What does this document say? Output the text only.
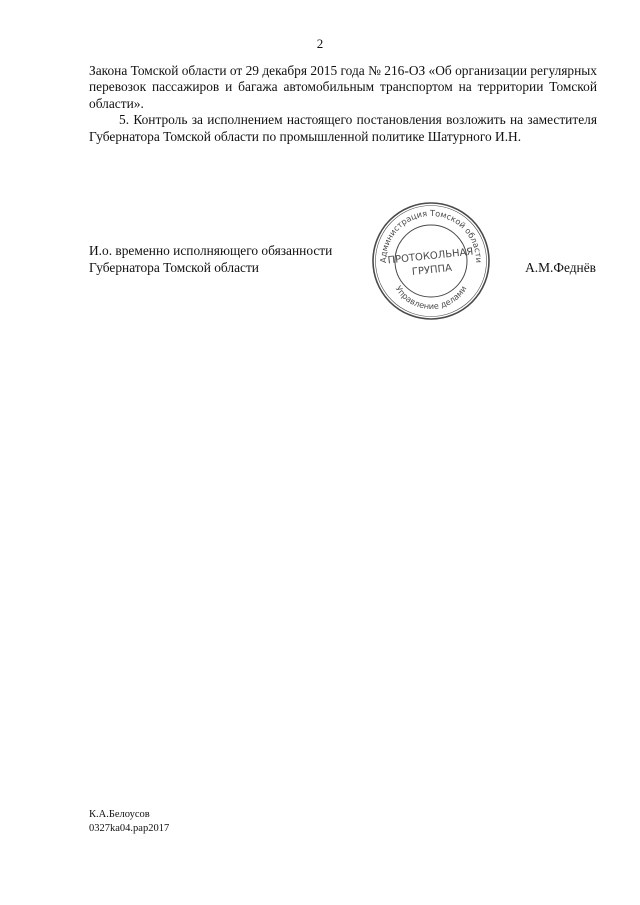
2

Закона Томской области от 29 декабря 2015 года № 216-ОЗ «Об организации регулярных перевозок пассажиров и багажа автомобильным транспортом на территории Томской области».

5. Контроль за исполнением настоящего постановления возложить на заместителя Губернатора Томской области по промышленной политике Шатурного И.Н.

И.о. временно исполняющего обязанности
Губернатора Томской области	Администрация Томской области
Управление делами
ПРОТОКОЛЬНАЯ
ГРУППА	А.М.Феднёв
К.А.Белоусов
0327ka04.pap2017
